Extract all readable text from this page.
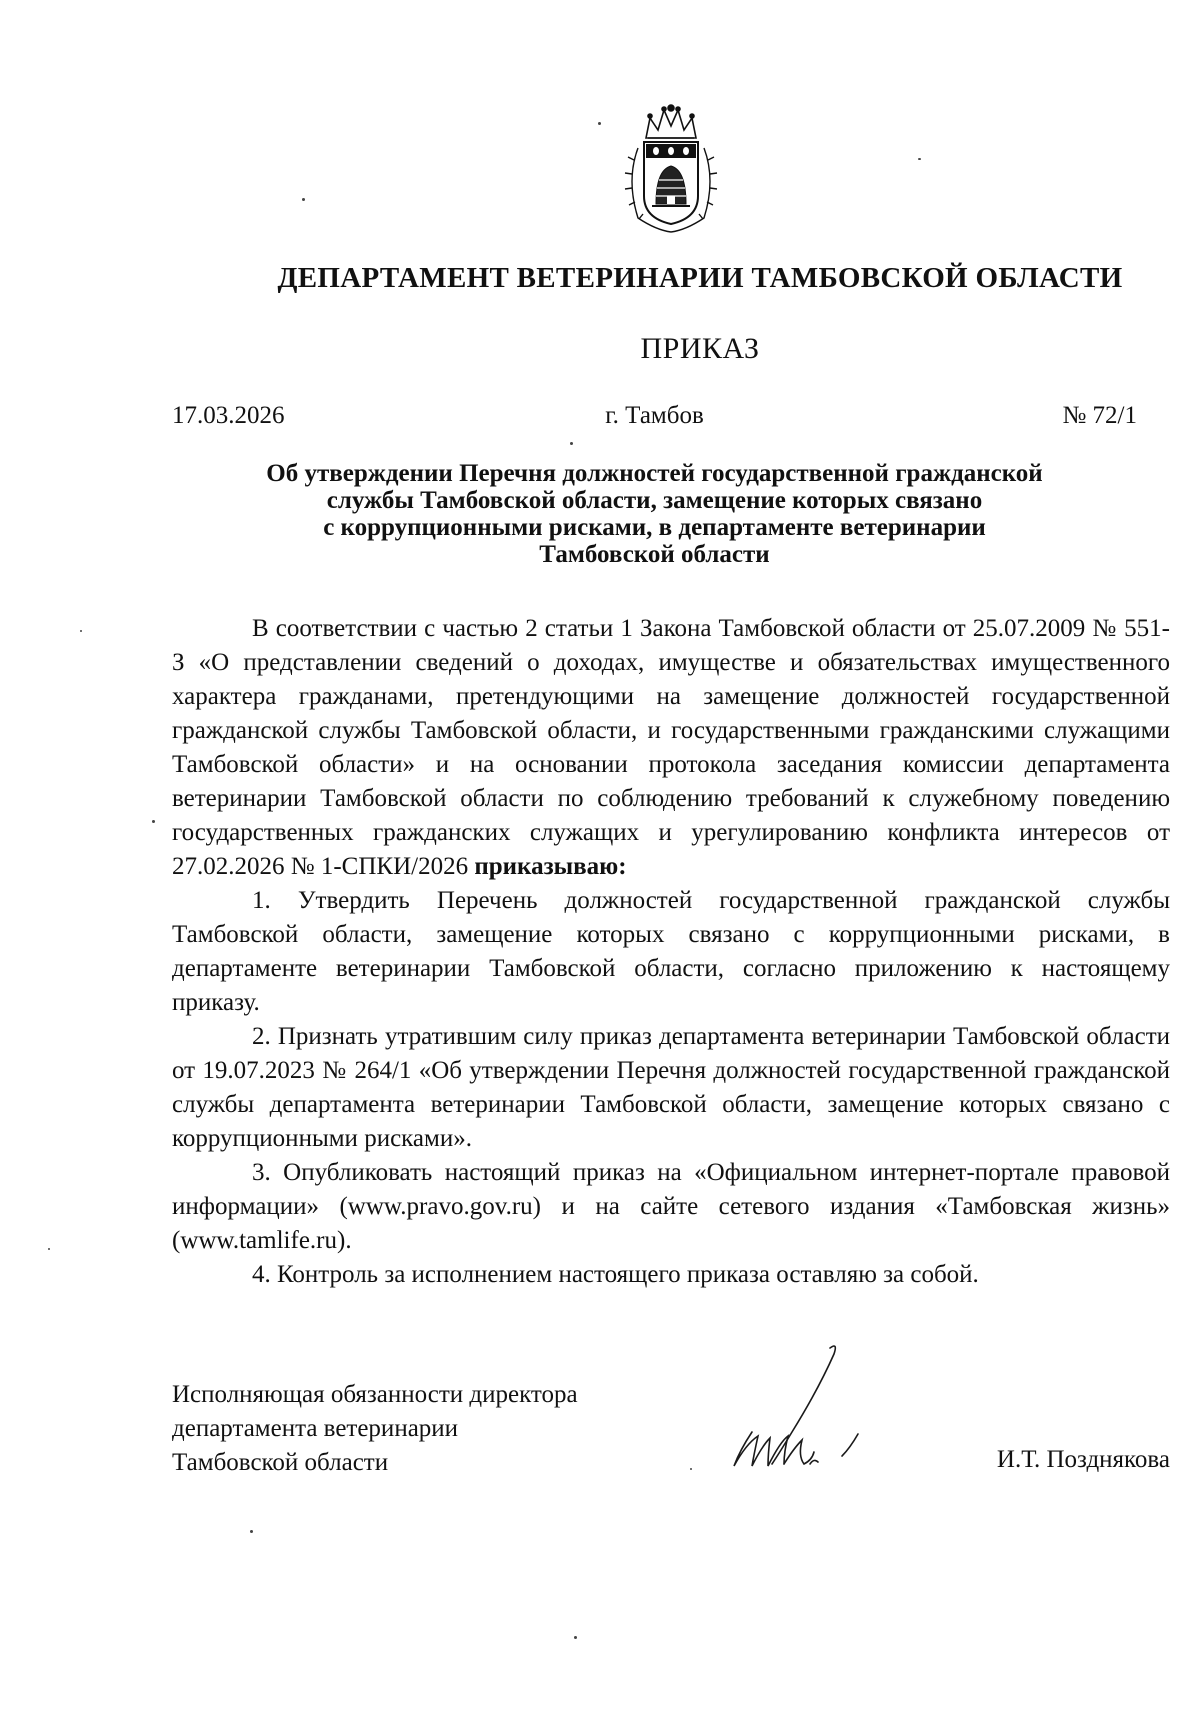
ДЕПАРТАМЕНТ ВЕТЕРИНАРИИ ТАМБОВСКОЙ ОБЛАСТИ
ПРИКАЗ
17.03.2026	г. Тамбов	№ 72/1
Об утверждении Перечня должностей государственной гражданской
службы Тамбовской области, замещение которых связано
с коррупционными рисками, в департаменте ветеринарии
Тамбовской области

В соответствии с частью 2 статьи 1 Закона Тамбовской области от 25.07.2009 № 551-З «О представлении сведений о доходах, имуществе и обязательствах имущественного характера гражданами, претендующими на замещение должностей государственной гражданской службы Тамбовской области, и государственными гражданскими служащими Тамбовской области» и на основании протокола заседания комиссии департамента ветеринарии Тамбовской области по соблюдению требований к служебному поведению государственных гражданских служащих и урегулированию конфликта интересов от 27.02.2026 № 1-СПКИ/2026 приказываю:

1. Утвердить Перечень должностей государственной гражданской службы Тамбовской области, замещение которых связано с коррупционными рисками, в департаменте ветеринарии Тамбовской области, согласно приложению к настоящему приказу.

2. Признать утратившим силу приказ департамента ветеринарии Тамбовской области от 19.07.2023 № 264/1 «Об утверждении Перечня должностей государственной гражданской службы департамента ветеринарии Тамбовской области, замещение которых связано с коррупционными рисками».

3. Опубликовать настоящий приказ на «Официальном интернет-портале правовой информации» (www.pravo.gov.ru) и на сайте сетевого издания «Тамбовская жизнь» (www.tamlife.ru).

4. Контроль за исполнением настоящего приказа оставляю за собой.

Исполняющая обязанности директора
департамента ветеринарии
Тамбовской области	И.Т. Позднякова
